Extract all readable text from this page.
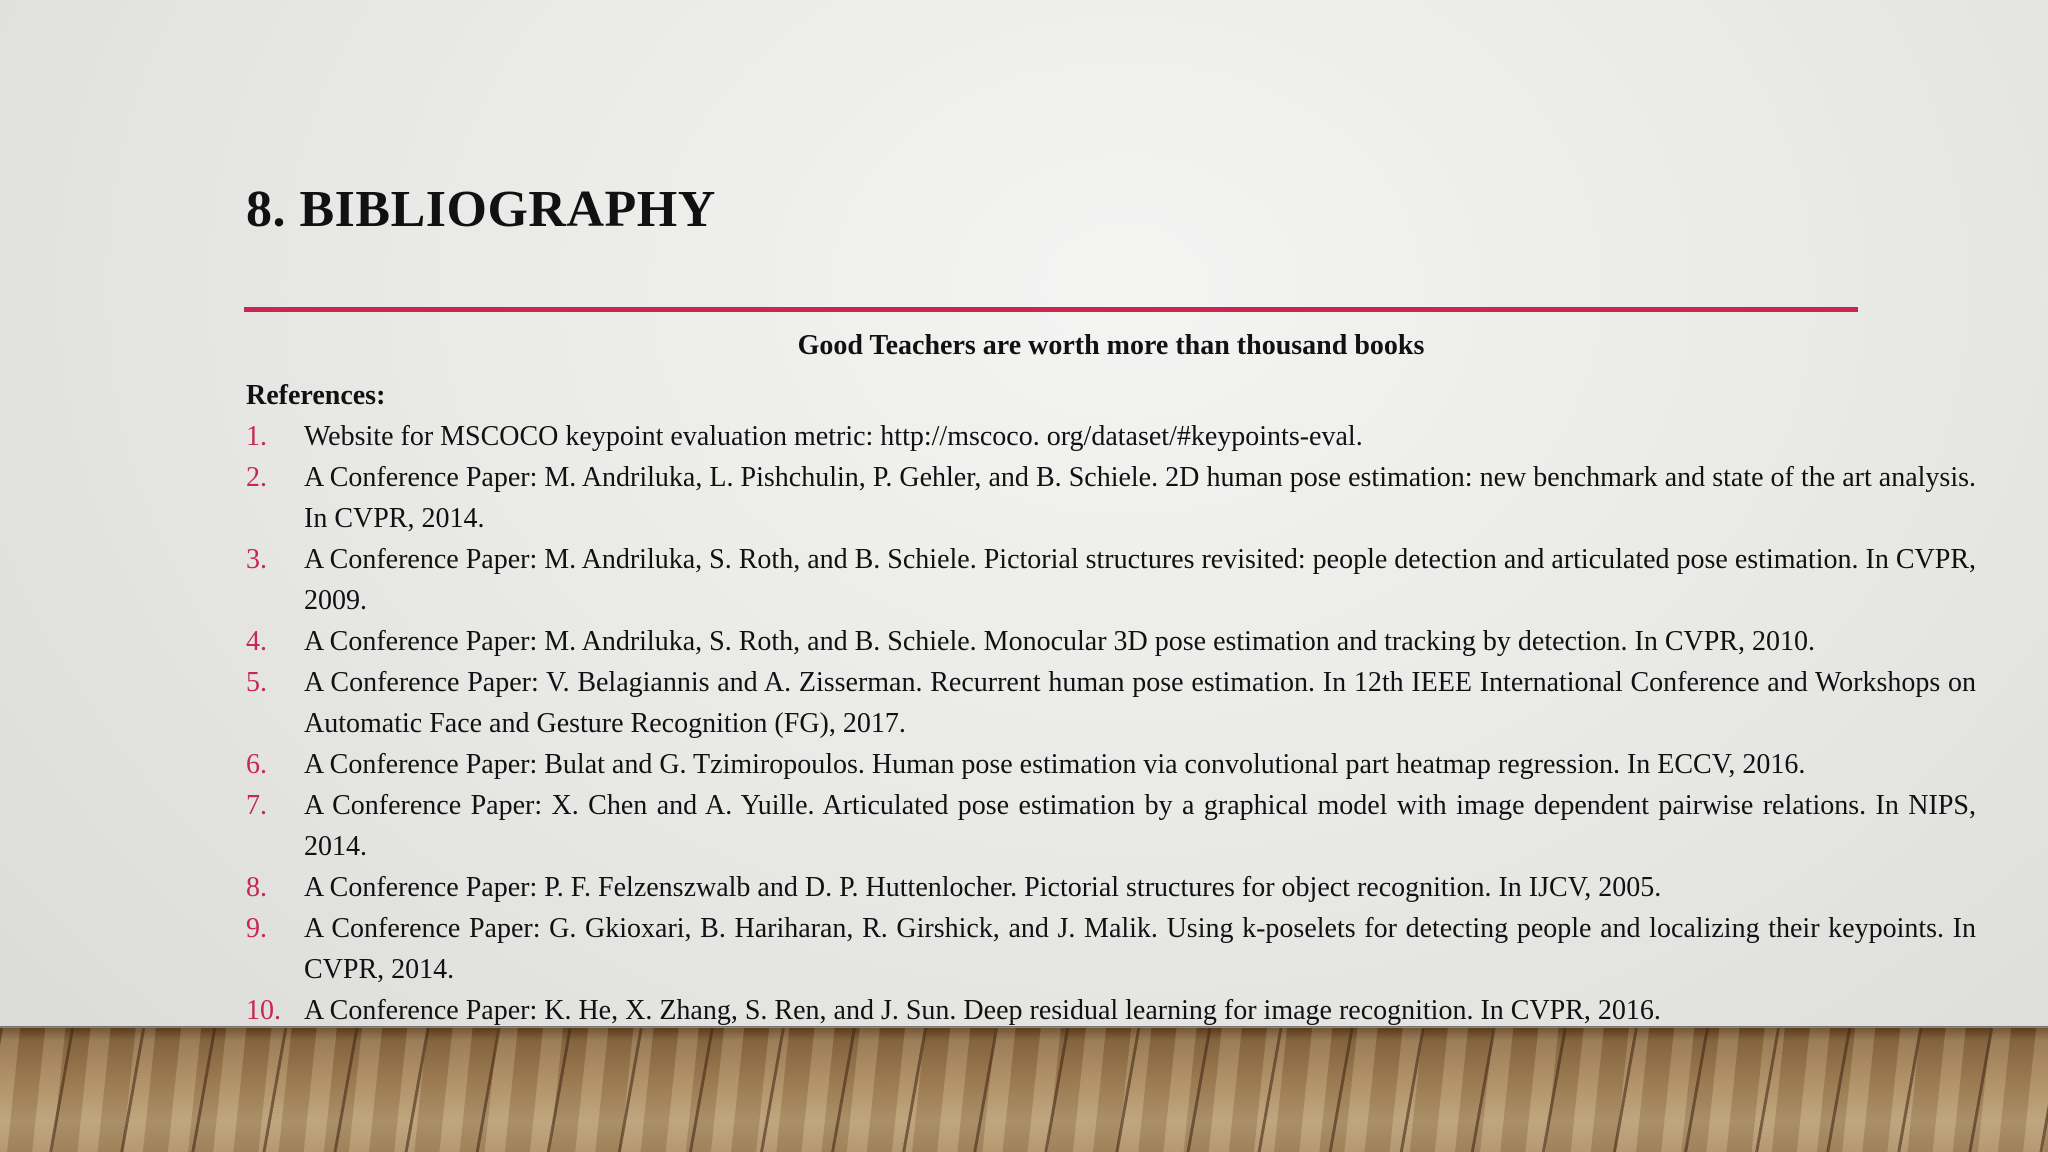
8. BIBLIOGRAPHY

Good Teachers are worth more than thousand books

References:

1. Website for MSCOCO keypoint evaluation metric: http://mscoco. org/dataset/#keypoints-eval.
2. A Conference Paper: M. Andriluka, L. Pishchulin, P. Gehler, and B. Schiele. 2D human pose estimation: new benchmark and state of the art analysis. In CVPR, 2014.
3. A Conference Paper: M. Andriluka, S. Roth, and B. Schiele. Pictorial structures revisited: people detection and articulated pose estimation. In CVPR, 2009.
4. A Conference Paper: M. Andriluka, S. Roth, and B. Schiele. Monocular 3D pose estimation and tracking by detection. In CVPR, 2010.
5. A Conference Paper: V. Belagiannis and A. Zisserman. Recurrent human pose estimation. In 12th IEEE International Conference and Workshops on Automatic Face and Gesture Recognition (FG), 2017.
6. A Conference Paper: Bulat and G. Tzimiropoulos. Human pose estimation via convolutional part heatmap regression. In ECCV, 2016.
7. A Conference Paper: X. Chen and A. Yuille. Articulated pose estimation by a graphical model with image dependent pairwise relations. In NIPS, 2014.
8. A Conference Paper: P. F. Felzenszwalb and D. P. Huttenlocher. Pictorial structures for object recognition. In IJCV, 2005.
9. A Conference Paper: G. Gkioxari, B. Hariharan, R. Girshick, and J. Malik. Using k-poselets for detecting people and localizing their keypoints. In CVPR, 2014.
10. A Conference Paper: K. He, X. Zhang, S. Ren, and J. Sun. Deep residual learning for image recognition. In CVPR, 2016.
